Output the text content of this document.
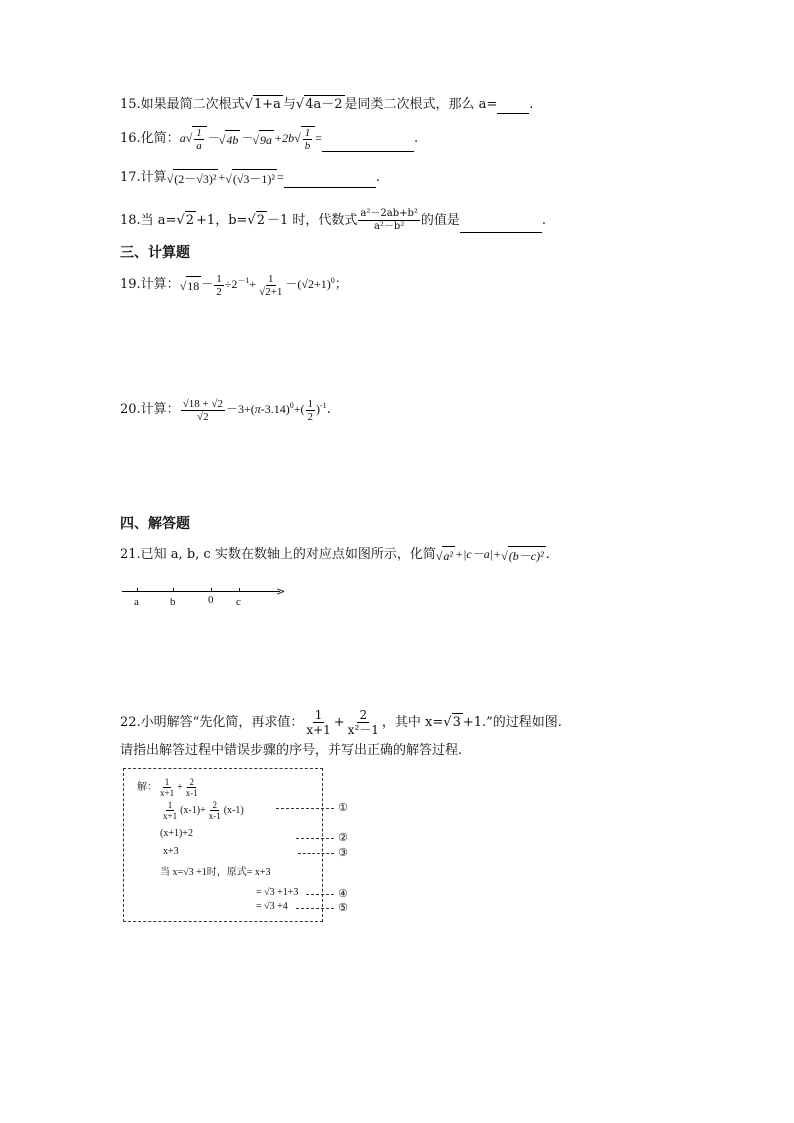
15.如果最简二次根式√1+a 与√4a－2 是同类二次根式，那么 a= .
16.化简：$a√ \frac{1}{a} -√4b -√9a +2b√ \frac{1}{b}$ =	.
17.计算√(2－√3)² +√(√3－1)² =	.
18.当 a=√2 +1，b=√2 －1 时，代数式 $\frac{\text{a²－2ab+b²}}{\text{a²－b²}}$ 的值是	.
三、计算题
19.计算：$√18 - \frac{1}{2} \div 2^{-1}+ \frac{1}{√2+1} -(√2+1)^0$；
20.计算： $\frac{√18 + √2}{√2} -3+(\pi-3.14)^0+( \frac{1}{2} )^{-1}$.
四、解答题
21.已知 a, b, c 实数在数轴上的对应点如图所示，化简√a² +|c－a|+√(b－c)² .
>
a	b	0 c
22.小明解答“先化简，再求值： $\frac{1}{x+1} + \frac{2}{\text{x²－1}}$ ，其中 x=√3 +1.”的过程如图.
请指出解答过程中错误步骤的序号，并写出正确的解答过程.
解： $\frac{1}{x+1} + \frac{2}{x-1}$
$\frac{1}{x+1} (x-1)+ \frac{2}{x-1} (x-1)$
(x+1)+2
x+3
当 x=√3 +1时，原式= x+3
= √3 +1+3
= √3 +4
①
②
③
④
⑤
